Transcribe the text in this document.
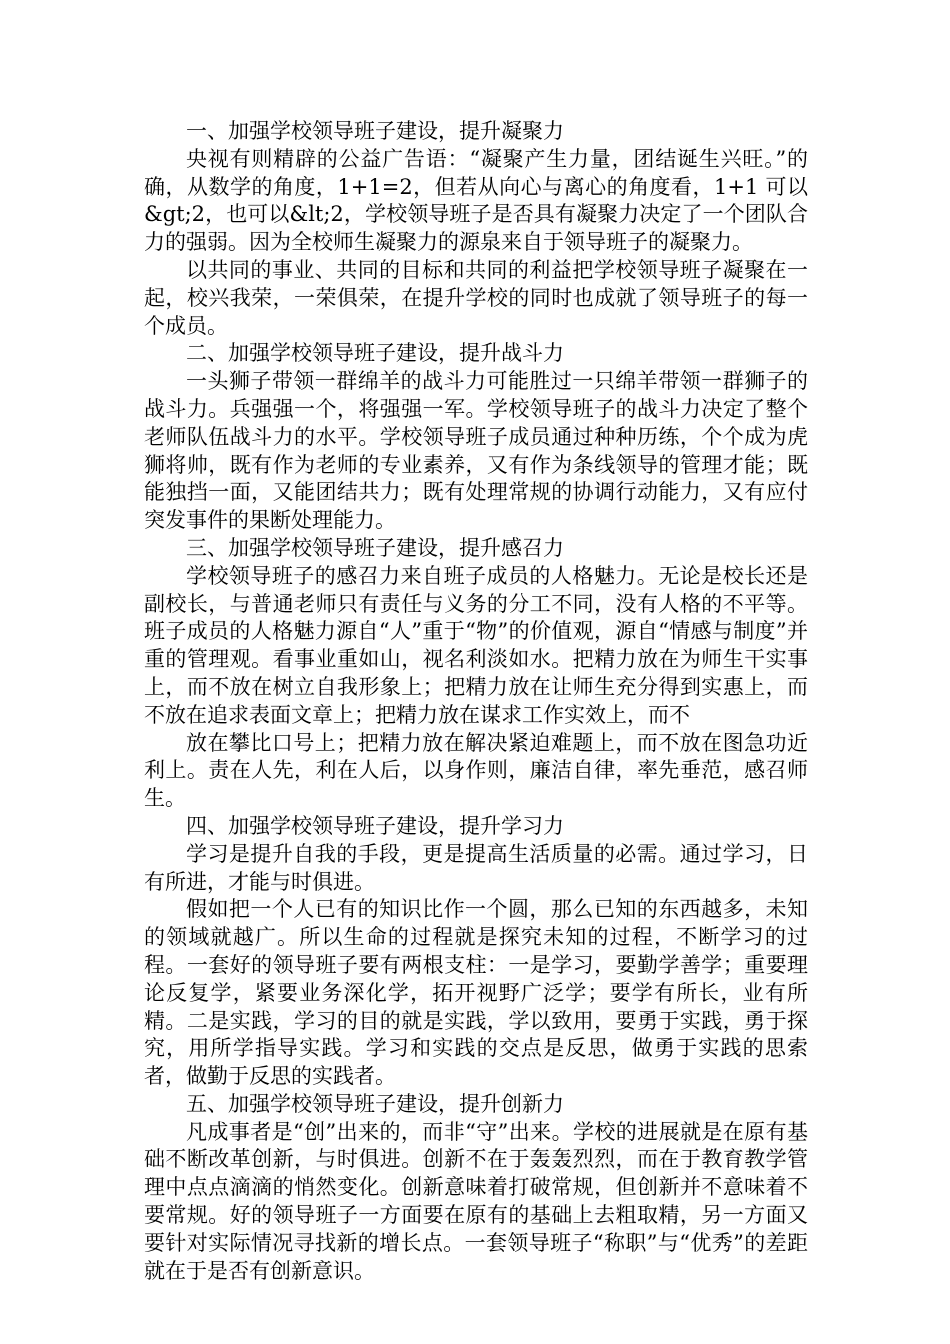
一、加强学校领导班子建设，提升凝聚力

央视有则精辟的公益广告语：“凝聚产生力量，团结诞生兴旺。”的确，从数学的角度，1+1=2，但若从向心与离心的角度看，1+1 可以&gt;2，也可以&lt;2，学校领导班子是否具有凝聚力决定了一个团队合力的强弱。因为全校师生凝聚力的源泉来自于领导班子的凝聚力。

以共同的事业、共同的目标和共同的利益把学校领导班子凝聚在一起，校兴我荣，一荣俱荣，在提升学校的同时也成就了领导班子的每一个成员。

二、加强学校领导班子建设，提升战斗力

一头狮子带领一群绵羊的战斗力可能胜过一只绵羊带领一群狮子的战斗力。兵强强一个，将强强一军。学校领导班子的战斗力决定了整个老师队伍战斗力的水平。学校领导班子成员通过种种历练，个个成为虎狮将帅，既有作为老师的专业素养，又有作为条线领导的管理才能；既能独挡一面，又能团结共力；既有处理常规的协调行动能力，又有应付突发事件的果断处理能力。

三、加强学校领导班子建设，提升感召力

学校领导班子的感召力来自班子成员的人格魅力。无论是校长还是副校长，与普通老师只有责任与义务的分工不同，没有人格的不平等。班子成员的人格魅力源自“人”重于“物”的价值观，源自“情感与制度”并重的管理观。看事业重如山，视名利淡如水。把精力放在为师生干实事上，而不放在树立自我形象上；把精力放在让师生充分得到实惠上，而不放在追求表面文章上；把精力放在谋求工作实效上，而不

放在攀比口号上；把精力放在解决紧迫难题上，而不放在图急功近利上。责在人先，利在人后，以身作则，廉洁自律，率先垂范，感召师生。

四、加强学校领导班子建设，提升学习力

学习是提升自我的手段，更是提高生活质量的必需。通过学习，日有所进，才能与时俱进。

假如把一个人已有的知识比作一个圆，那么已知的东西越多，未知的领域就越广。所以生命的过程就是探究未知的过程，不断学习的过程。一套好的领导班子要有两根支柱：一是学习，要勤学善学；重要理论反复学，紧要业务深化学，拓开视野广泛学；要学有所长，业有所精。二是实践，学习的目的就是实践，学以致用，要勇于实践，勇于探究，用所学指导实践。学习和实践的交点是反思，做勇于实践的思索者，做勤于反思的实践者。

五、加强学校领导班子建设，提升创新力

凡成事者是“创”出来的，而非“守”出来。学校的进展就是在原有基础不断改革创新，与时俱进。创新不在于轰轰烈烈，而在于教育教学管理中点点滴滴的悄然变化。创新意味着打破常规，但创新并不意味着不要常规。好的领导班子一方面要在原有的基础上去粗取精，另一方面又要针对实际情况寻找新的增长点。一套领导班子“称职”与“优秀”的差距就在于是否有创新意识。
